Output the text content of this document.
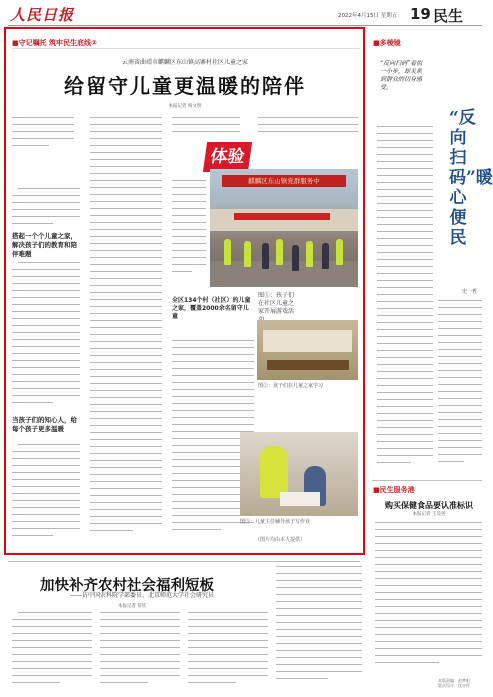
人民日报	2022年4月15日 星期五 19 民生
■守记嘱托 筑牢民生底线②
云南省曲靖市麒麟区东山镇高寨村社区儿童之家
给留守儿童更温暖的陪伴
本报记者 杨文明
搭起一个个儿童之家，解决孩子们的教育和陪伴难题
当孩子们的知心人，给每个孩子更多温暖
体验
麒麟区东山镇党群服务中
全区134个村（社区）的儿童之家，覆盖2000余名留守儿童
图①：孩子们在社区儿童之家开展游戏活
图②：孩子们在儿童之家学习
图③：儿童主任辅导孩子写作业
（图片均由本人提供）
■多棱镜
“反向扫码”看似一小步，却关系到群众的切身感受。
“反向扫码”暖心便民
史一哲
■民生服务港
购买保健食品要认准标识
本报记者 王昊男
加快补齐农村社会福利短板
——访中国农科院学部委员、北京师范大学社会研究员
本报记者 常钦
本版责编：赵梦阳
版式设计：沈亦伶
